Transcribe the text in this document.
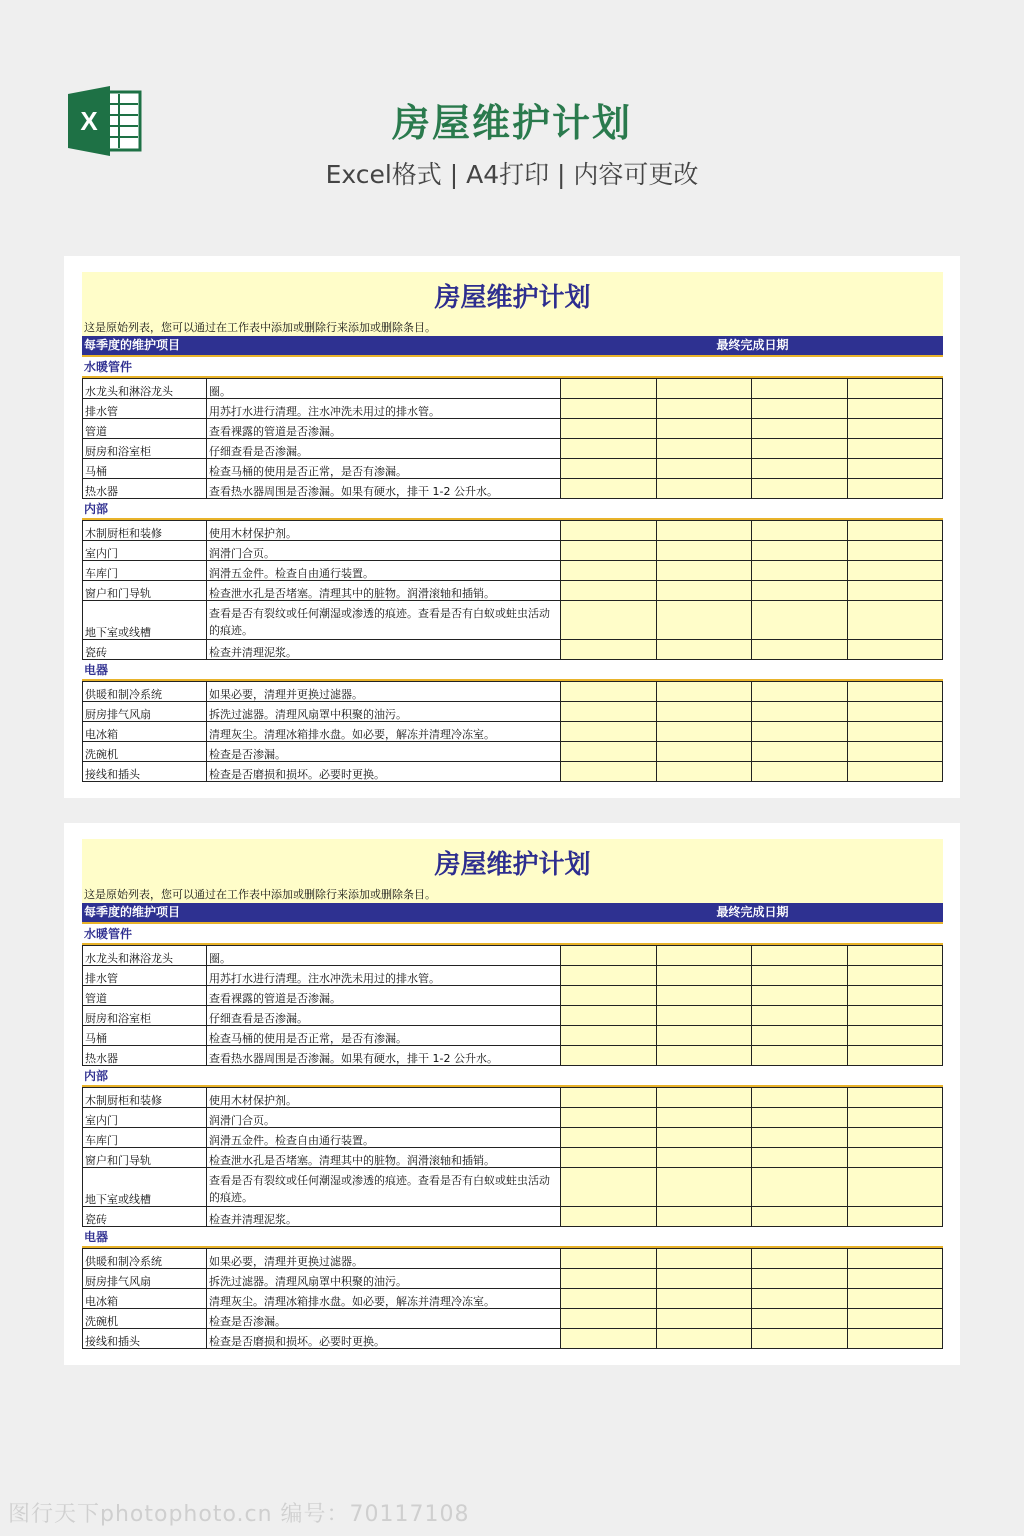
X	房屋维护计划
Excel格式 | A4打印 | 内容可更改
房屋维护计划
这是原始列表，您可以通过在工作表中添加或删除行来添加或删除条目。
每季度的维护项目	最终完成日期
水暖管件
水龙头和淋浴龙头	圈。				
排水管	用苏打水进行清理。注水冲洗未用过的排水管。				
管道	查看裸露的管道是否渗漏。				
厨房和浴室柜	仔细查看是否渗漏。				
马桶	检查马桶的使用是否正常，是否有渗漏。				
热水器	查看热水器周围是否渗漏。如果有硬水，排干 1-2 公升水。				
内部
木制厨柜和装修	使用木材保护剂。				
室内门	润滑门合页。				
车库门	润滑五金件。检查自由通行装置。				
窗户和门导轨	检查泄水孔是否堵塞。清理其中的脏物。润滑滚轴和插销。				
地下室或线槽	查看是否有裂纹或任何潮湿或渗透的痕迹。查看是否有白蚁或蛀虫活动的痕迹。				
瓷砖	检查并清理泥浆。				
电器
供暖和制冷系统	如果必要，清理并更换过滤器。				
厨房排气风扇	拆洗过滤器。清理风扇罩中积聚的油污。				
电冰箱	清理灰尘。清理冰箱排水盘。如必要，解冻并清理冷冻室。				
洗碗机	检查是否渗漏。				
接线和插头	检查是否磨损和损坏。必要时更换。				
房屋维护计划
这是原始列表，您可以通过在工作表中添加或删除行来添加或删除条目。
每季度的维护项目	最终完成日期
水暖管件
水龙头和淋浴龙头	圈。				
排水管	用苏打水进行清理。注水冲洗未用过的排水管。				
管道	查看裸露的管道是否渗漏。				
厨房和浴室柜	仔细查看是否渗漏。				
马桶	检查马桶的使用是否正常，是否有渗漏。				
热水器	查看热水器周围是否渗漏。如果有硬水，排干 1-2 公升水。				
内部
木制厨柜和装修	使用木材保护剂。				
室内门	润滑门合页。				
车库门	润滑五金件。检查自由通行装置。				
窗户和门导轨	检查泄水孔是否堵塞。清理其中的脏物。润滑滚轴和插销。				
地下室或线槽	查看是否有裂纹或任何潮湿或渗透的痕迹。查看是否有白蚁或蛀虫活动的痕迹。				
瓷砖	检查并清理泥浆。				
电器
供暖和制冷系统	如果必要，清理并更换过滤器。				
厨房排气风扇	拆洗过滤器。清理风扇罩中积聚的油污。				
电冰箱	清理灰尘。清理冰箱排水盘。如必要，解冻并清理冷冻室。				
洗碗机	检查是否渗漏。				
接线和插头	检查是否磨损和损坏。必要时更换。				
图行天下photophoto.cn 编号：70117108
